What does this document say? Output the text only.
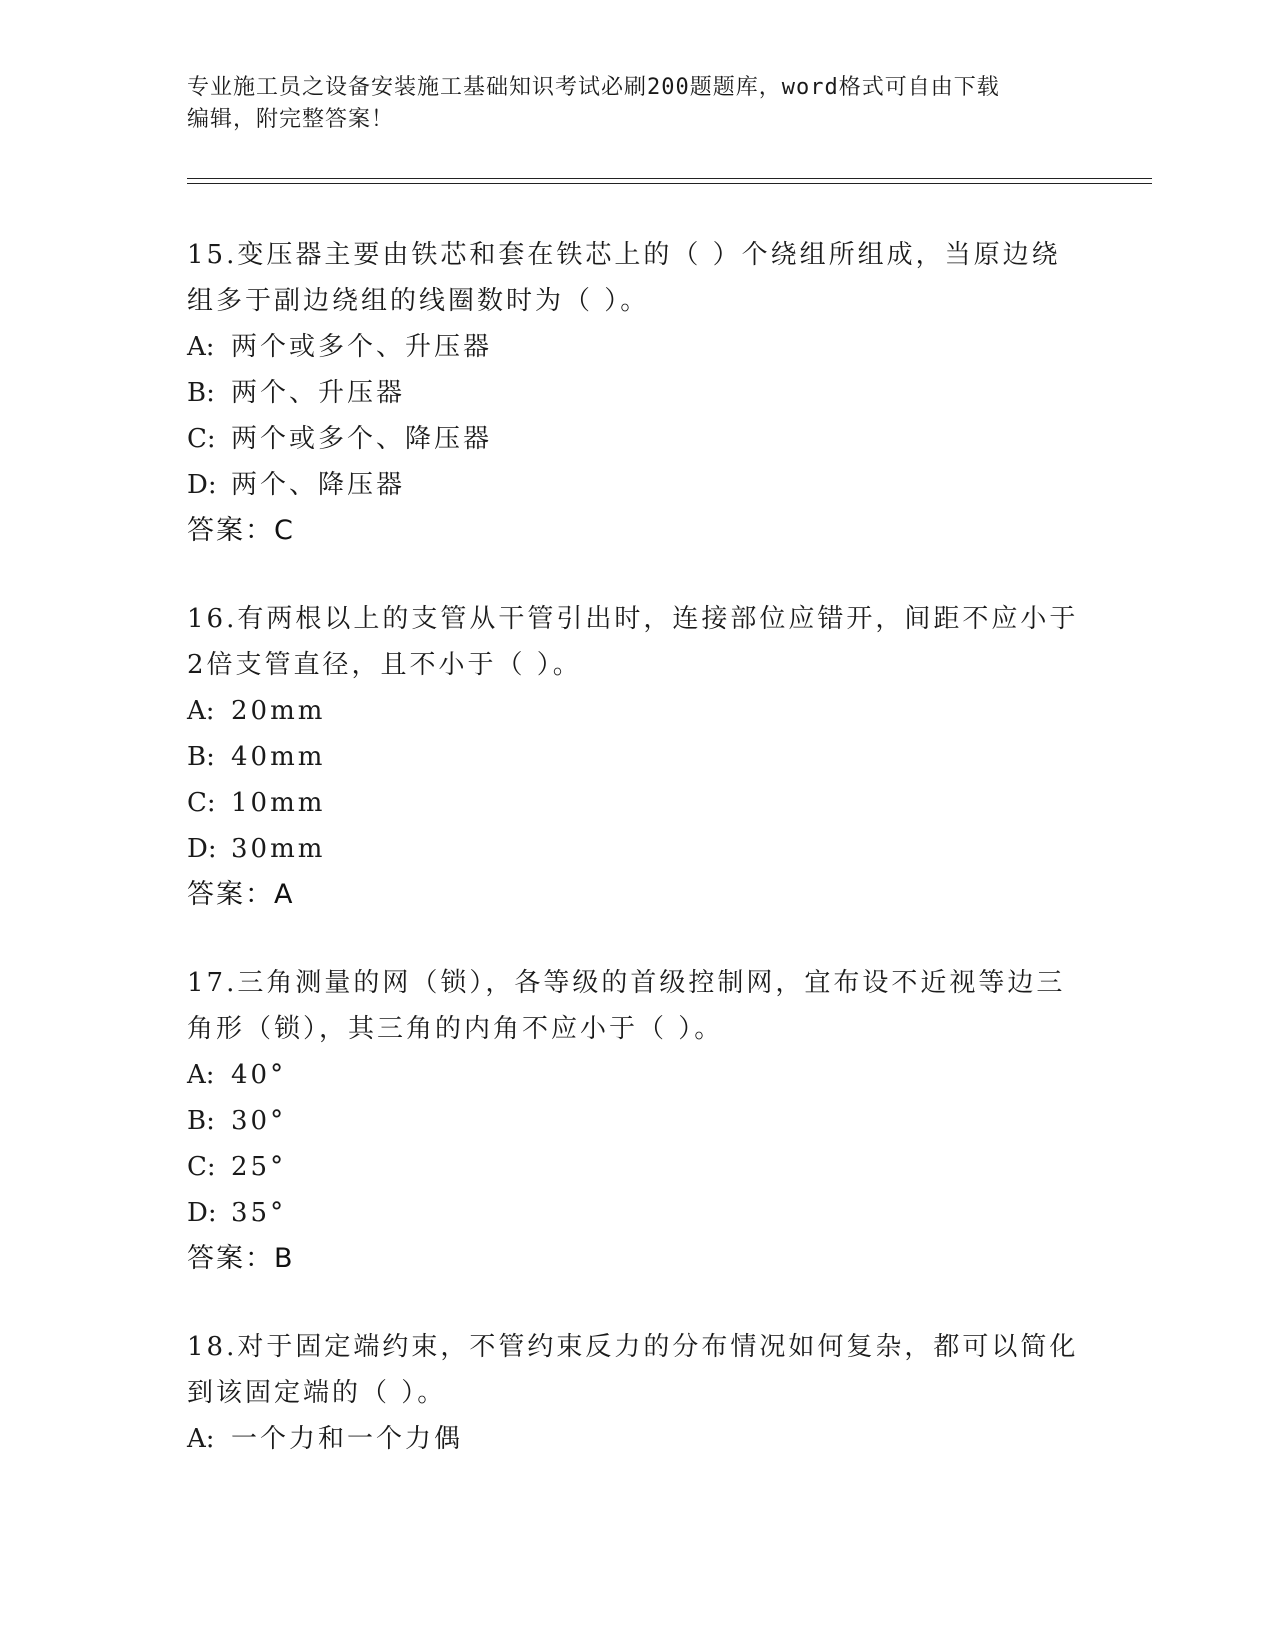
专业施工员之设备安装施工基础知识考试必刷200题题库，word格式可自由下载
编辑，附完整答案！
15.变压器主要由铁芯和套在铁芯上的（ ）个绕组所组成，当原边绕
组多于副边绕组的线圈数时为（ ）。
A: 两个或多个、升压器
B: 两个、升压器
C: 两个或多个、降压器
D: 两个、降压器
答案：C
16.有两根以上的支管从干管引出时，连接部位应错开，间距不应小于
2倍支管直径，且不小于（ ）。
A: 20mm
B: 40mm
C: 10mm
D: 30mm
答案：A
17.三角测量的网（锁），各等级的首级控制网，宜布设不近视等边三
角形（锁），其三角的内角不应小于（ ）。
A: 40°
B: 30°
C: 25°
D: 35°
答案：B
18.对于固定端约束，不管约束反力的分布情况如何复杂，都可以简化
到该固定端的（ ）。
A: 一个力和一个力偶
